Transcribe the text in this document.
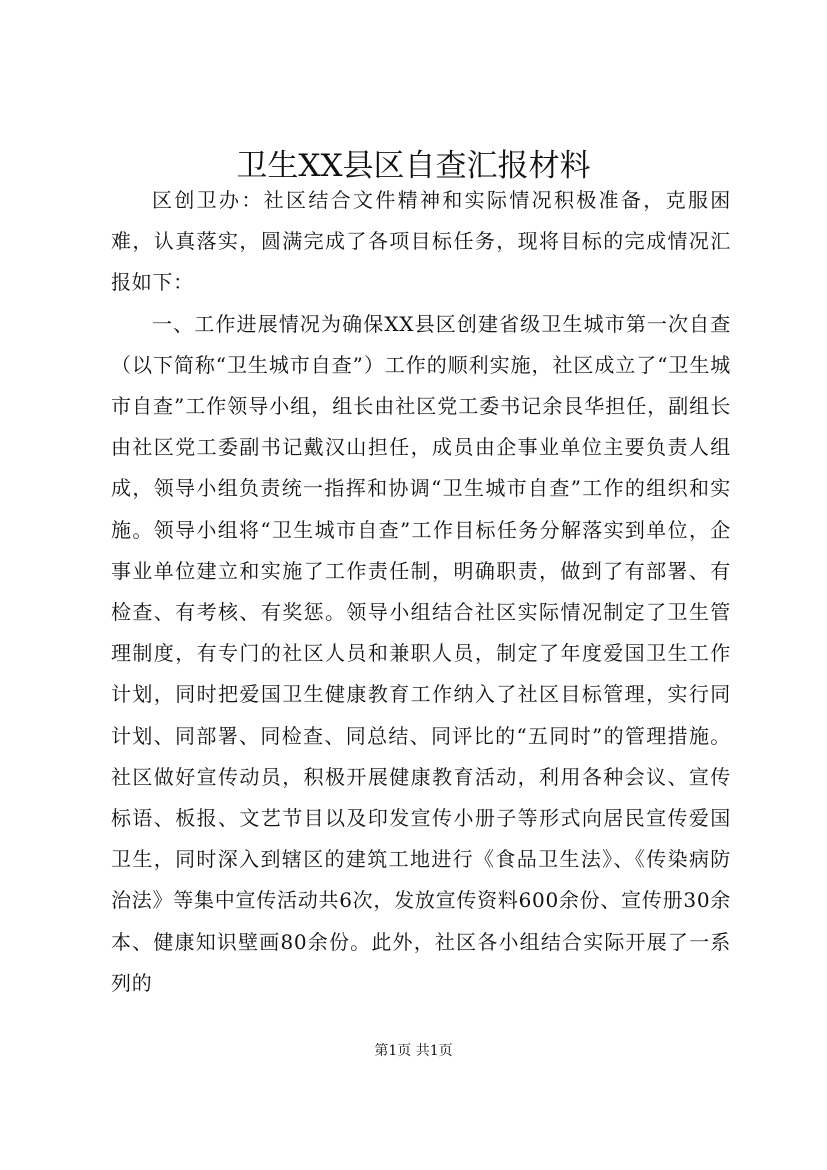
卫生XX县区自查汇报材料

区创卫办：社区结合文件精神和实际情况积极准备，克服困难，认真落实，圆满完成了各项目标任务，现将目标的完成情况汇报如下：

一、工作进展情况为确保XX县区创建省级卫生城市第一次自查（以下简称“卫生城市自查”）工作的顺利实施，社区成立了“卫生城市自查”工作领导小组，组长由社区党工委书记余艮华担任，副组长由社区党工委副书记戴汉山担任，成员由企事业单位主要负责人组成，领导小组负责统一指挥和协调“卫生城市自查”工作的组织和实施。领导小组将“卫生城市自查”工作目标任务分解落实到单位，企事业单位建立和实施了工作责任制，明确职责，做到了有部署、有检查、有考核、有奖惩。领导小组结合社区实际情况制定了卫生管理制度，有专门的社区人员和兼职人员，制定了年度爱国卫生工作计划，同时把爱国卫生健康教育工作纳入了社区目标管理，实行同计划、同部署、同检查、同总结、同评比的“五同时”的管理措施。社区做好宣传动员，积极开展健康教育活动，利用各种会议、宣传标语、板报、文艺节目以及印发宣传小册子等形式向居民宣传爱国卫生，同时深入到辖区的建筑工地进行《食品卫生法》、《传染病防治法》等集中宣传活动共6次，发放宣传资料600余份、宣传册30余本、健康知识壁画80余份。此外，社区各小组结合实际开展了一系列的

第1页 共1页
